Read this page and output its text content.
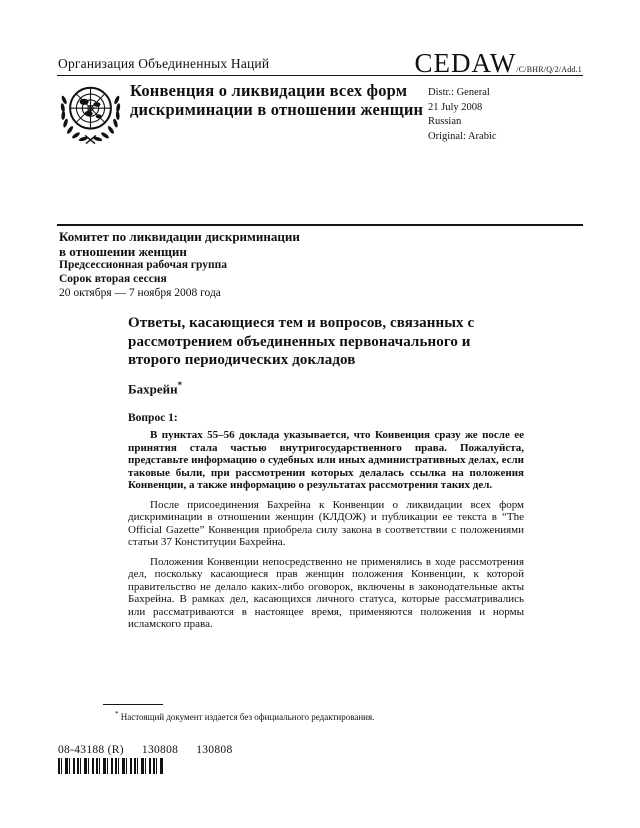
Организация Объединенных Наций	CEDAW/C/BHR/Q/2/Add.1
Конвенция о ликвидации всех форм дискриминации в отношении женщин
Distr.: General
21 July 2008
Russian
Original: Arabic
Комитет по ликвидации дискриминации
в отношении женщин
Предсессионная рабочая группа
Сорок вторая сессия
20 октября — 7 ноября 2008 года
Ответы, касающиеся тем и вопросов, связанных с рассмотрением объединенных первоначального и второго периодических докладов
Бахрейн*
Вопрос 1:

В пунктах 55–56 доклада указывается, что Конвенция сразу же после ее принятия стала частью внутригосударственного права. Пожалуйста, представьте информацию о судебных или иных административных делах, если таковые были, при рассмотрении которых делалась ссылка на положения Конвенции, а также информацию о результатах рассмотрения таких дел.

После присоединения Бахрейна к Конвенции о ликвидации всех форм дискриминации в отношении женщин (КЛДОЖ) и публикации ее текста в “The Official Gazette” Конвенция приобрела силу закона в соответствии с положениями статьи 37 Конституции Бахрейна.

Положения Конвенции непосредственно не применялись в ходе рассмотрения дел, поскольку касающиеся прав женщин положения Конвенции, к которой правительство не делало каких-либо оговорок, включены в законодательные акты Бахрейна. В рамках дел, касающихся личного статуса, которые рассматривались или рассматриваются в настоящее время, применяются положения и нормы исламского права.

* Настоящий документ издается без официального редактирования.
08-43188 (R) 130808 130808
